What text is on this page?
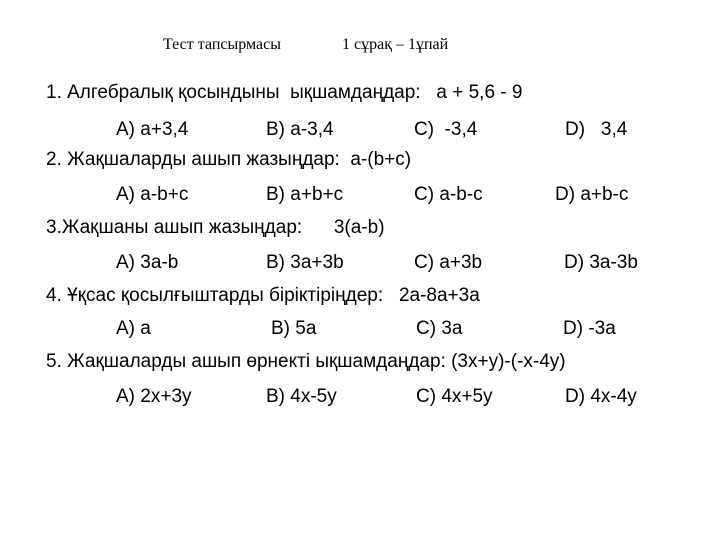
Тест тапсырмасы	1 сұрақ – 1ұпай
1. Алгебралық қосындыны  ықшамдаңдар:   а + 5,6 - 9
А) а+3,4	В) а-3,4	С)  -3,4	D)   3,4
2. Жақшаларды ашып жазыңдар:  а-(b+c)
А) a-b+c	В) a+b+c	С) a-b-c	D) a+b-c
3.Жақшаны ашып жазыңдар:      3(a-b)
А) 3a-b	В) 3a+3b	С) a+3b	D) 3a-3b
4. Ұқсас қосылғыштарды біріктіріңдер:   2a-8a+3a
А) a	В) 5a	С) 3a	D) -3a
5. Жақшаларды ашып өрнекті ықшамдаңдар: (3x+y)-(-x-4y)
А) 2x+3y	В) 4x-5y	С) 4x+5y	D) 4x-4y
